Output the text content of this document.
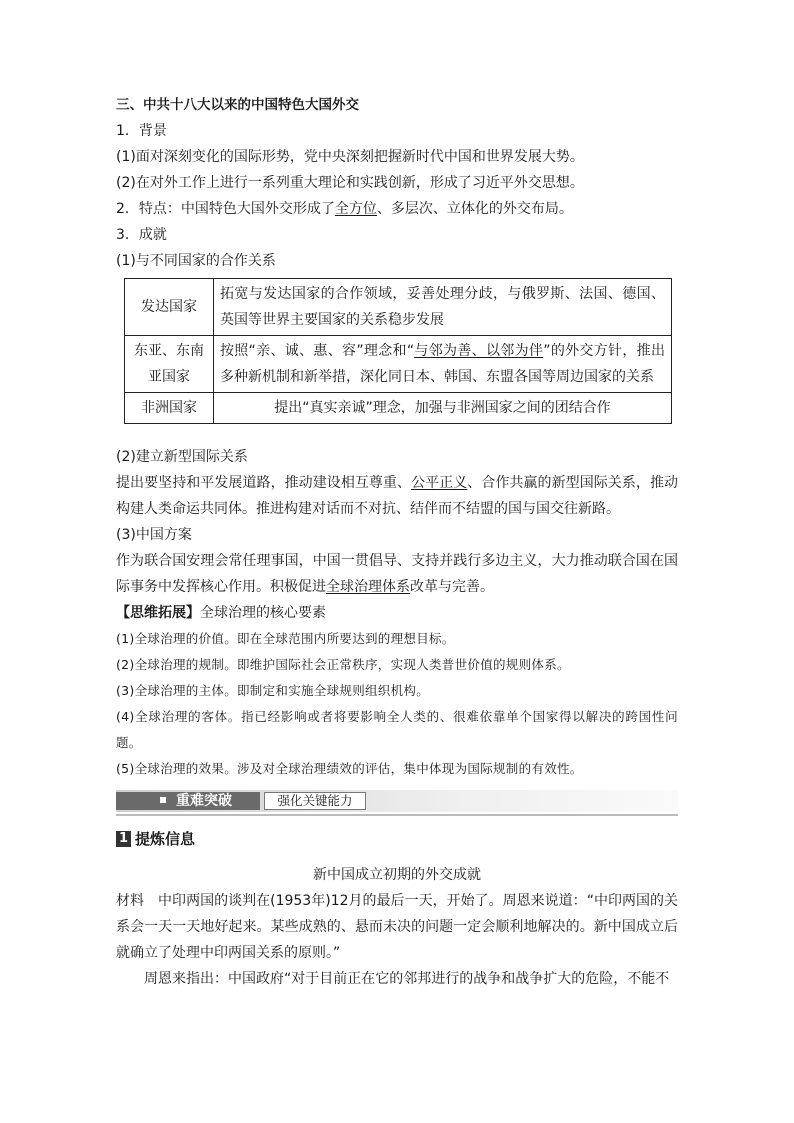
三、中共十八大以来的中国特色大国外交

1．背景

(1)面对深刻变化的国际形势，党中央深刻把握新时代中国和世界发展大势。

(2)在对外工作上进行一系列重大理论和实践创新，形成了习近平外交思想。

2．特点：中国特色大国外交形成了全方位、多层次、立体化的外交布局。

3．成就

(1)与不同国家的合作关系

发达国家	拓宽与发达国家的合作领域，妥善处理分歧，与俄罗斯、法国、德国、英国等世界主要国家的关系稳步发展
东亚、东南亚国家	按照“亲、诚、惠、容”理念和“与邻为善、以邻为伴”的外交方针，推出多种新机制和新举措，深化同日本、韩国、东盟各国等周边国家的关系
非洲国家	提出“真实亲诚”理念，加强与非洲国家之间的团结合作

(2)建立新型国际关系

提出要坚持和平发展道路，推动建设相互尊重、公平正义、合作共赢的新型国际关系，推动构建人类命运共同体。推进构建对话而不对抗、结伴而不结盟的国与国交往新路。

(3)中国方案

作为联合国安理会常任理事国，中国一贯倡导、支持并践行多边主义，大力推动联合国在国际事务中发挥核心作用。积极促进全球治理体系改革与完善。

【思维拓展】全球治理的核心要素

(1)全球治理的价值。即在全球范围内所要达到的理想目标。

(2)全球治理的规制。即维护国际社会正常秩序，实现人类普世价值的规则体系。

(3)全球治理的主体。即制定和实施全球规则组织机构。

(4)全球治理的客体。指已经影响或者将要影响全人类的、很难依靠单个国家得以解决的跨国性问题。

(5)全球治理的效果。涉及对全球治理绩效的评估，集中体现为国际规制的有效性。

重难突破	强化关键能力
1 提炼信息

新中国成立初期的外交成就

材料　 中印两国的谈判在(1953年)12月的最后一天，开始了。周恩来说道：“中印两国的关系会一天一天地好起来。某些成熟的、悬而未决的问题一定会顺利地解决的。新中国成立后就确立了处理中印两国关系的原则。”

周恩来指出：中国政府“对于目前正在它的邻邦进行的战争和战争扩大的危险，不能不
